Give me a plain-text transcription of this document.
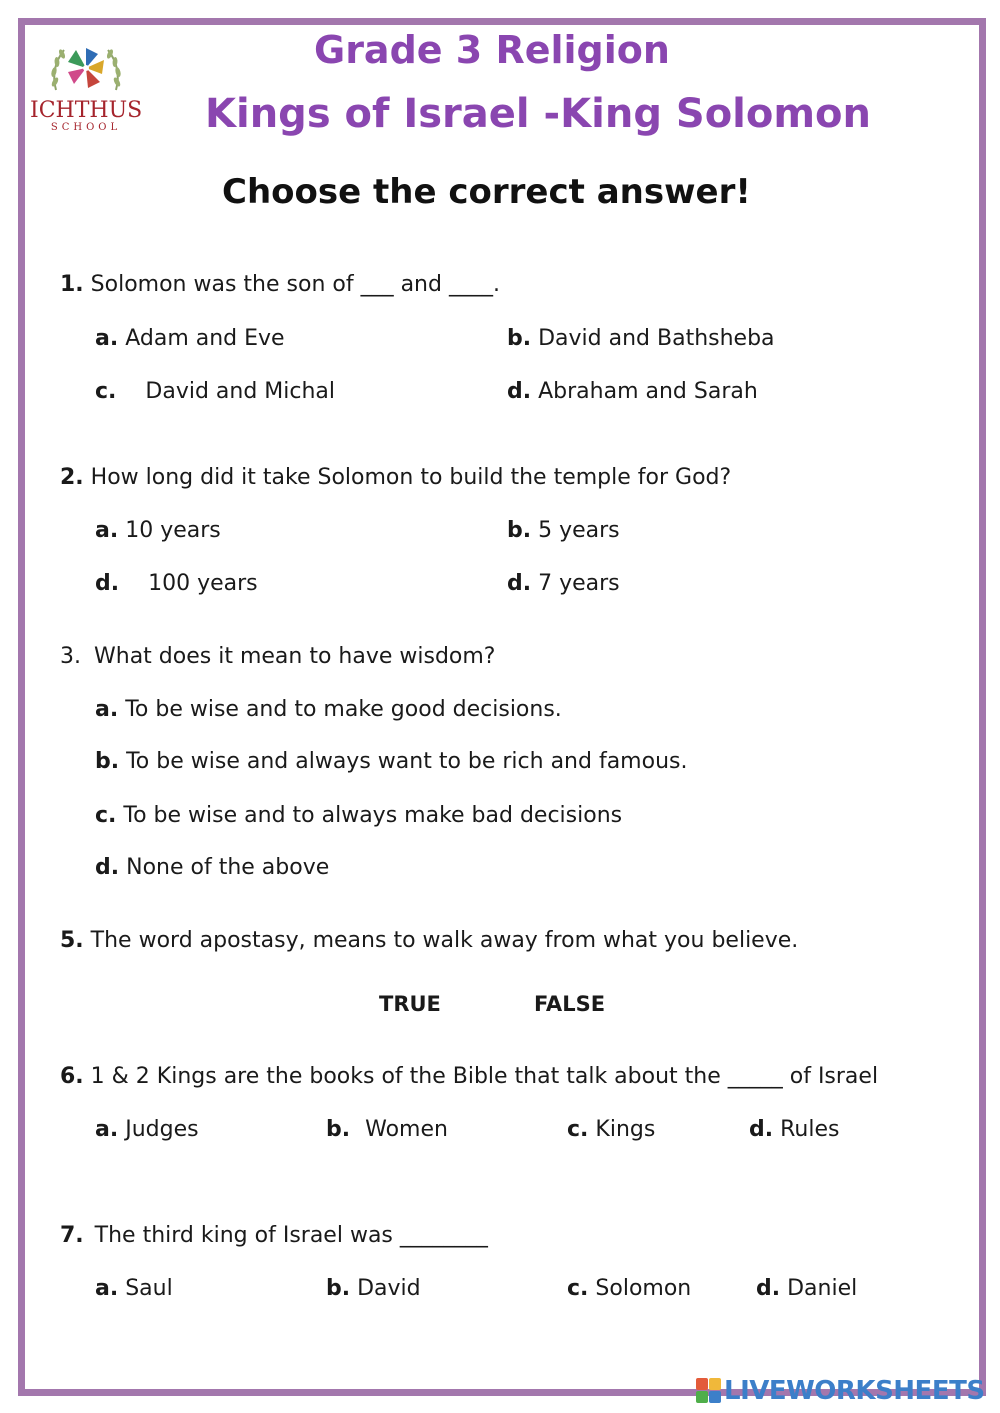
ICHTHUS
SCHOOL
Grade 3 Religion
Kings of Israel -King Solomon
Choose the correct answer!
1. Solomon was the son of ___ and ____.
a. Adam and Eve	b. David and Bathsheba
c. David and Michal	d. Abraham and Sarah
2. How long did it take Solomon to build the temple for God?
a. 10 years	b. 5 years
d. 100 years	d. 7 years
3. What does it mean to have wisdom?
a. To be wise and to make good decisions.
b. To be wise and always want to be rich and famous.
c. To be wise and to always make bad decisions
d. None of the above
5. The word apostasy, means to walk away from what you believe.
TRUE	FALSE
6. 1 & 2 Kings are the books of the Bible that talk about the _____ of Israel
a. Judges	b. Women	c. Kings	d. Rules
7. The third king of Israel was ________
a. Saul	b. David	c. Solomon	d. Daniel
LIVEWORKSHEETS
